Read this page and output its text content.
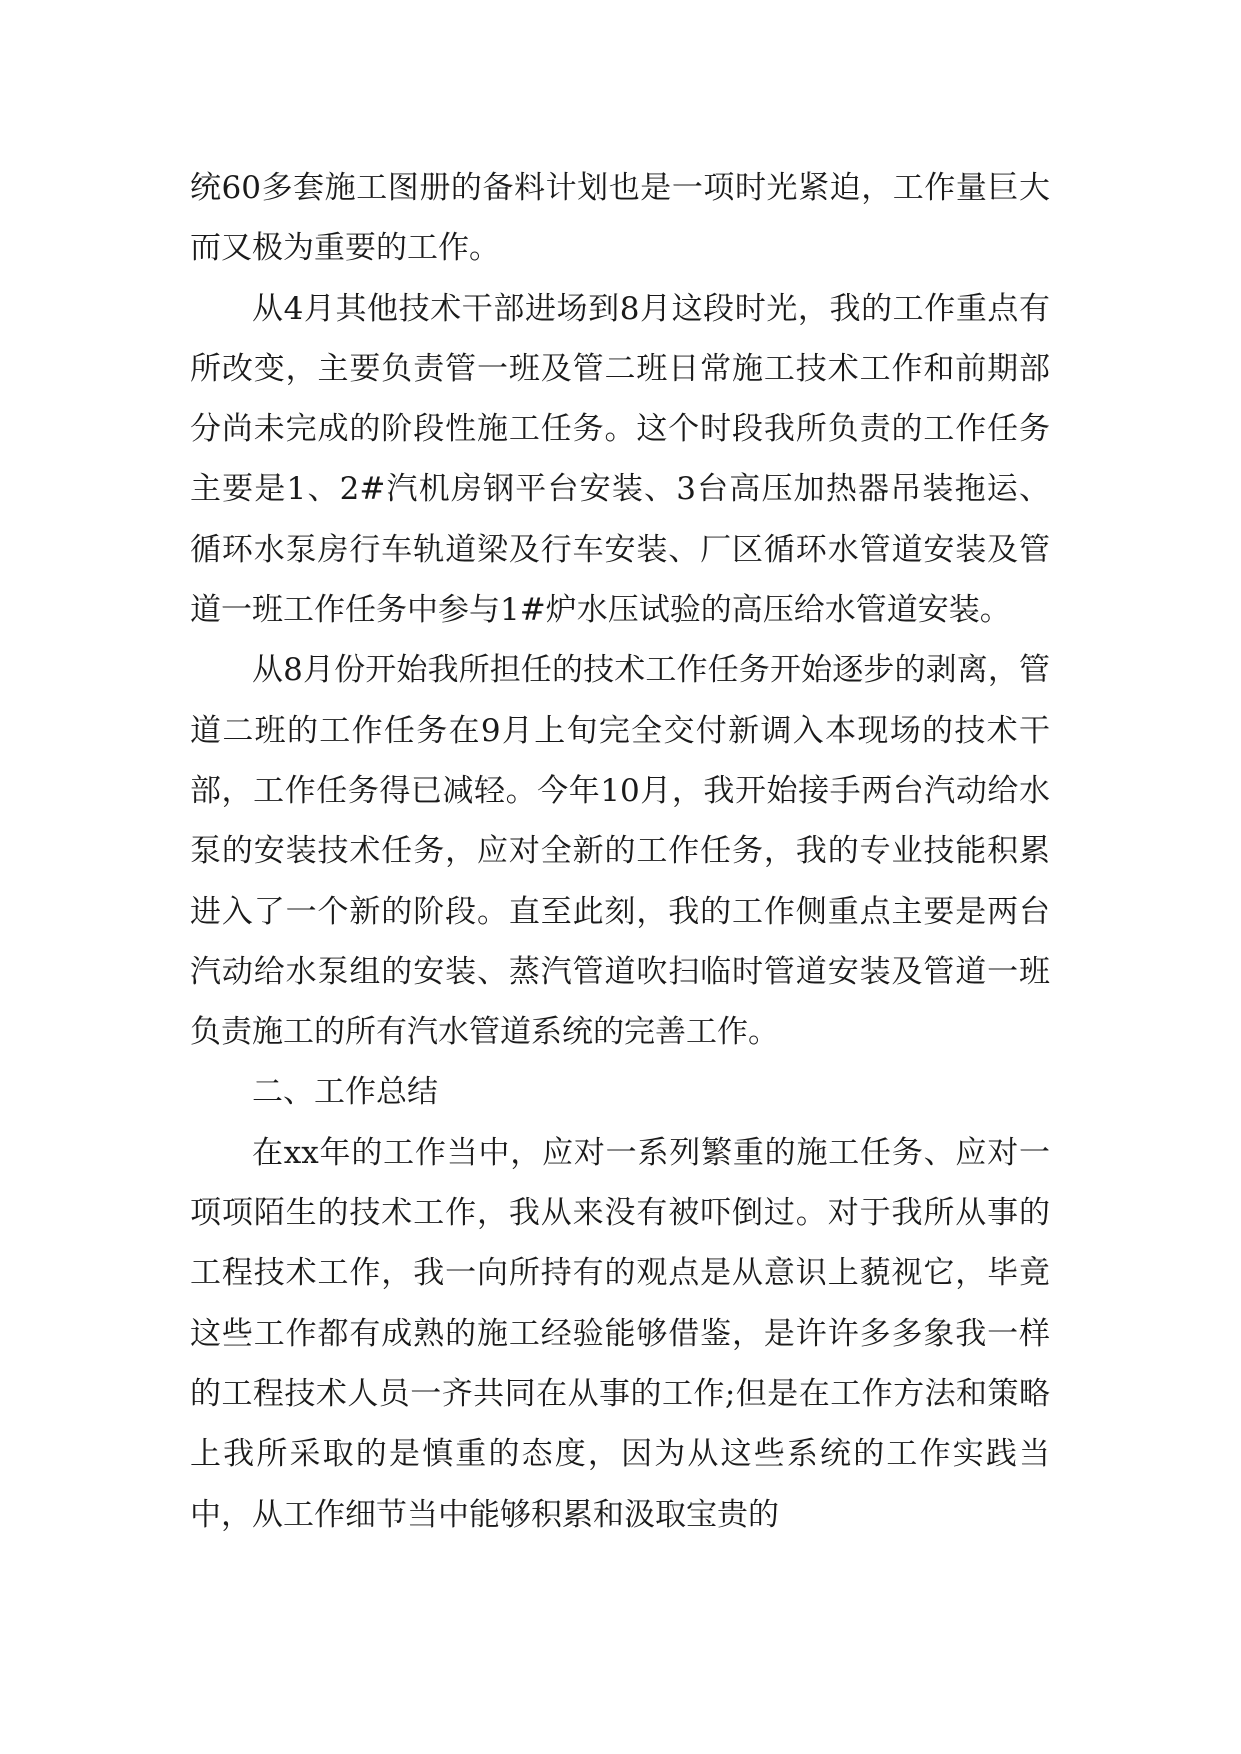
统60多套施工图册的备料计划也是一项时光紧迫，工作量巨大而又极为重要的工作。

从4月其他技术干部进场到8月这段时光，我的工作重点有所改变，主要负责管一班及管二班日常施工技术工作和前期部分尚未完成的阶段性施工任务。这个时段我所负责的工作任务主要是1、2#汽机房钢平台安装、3台高压加热器吊装拖运、循环水泵房行车轨道梁及行车安装、厂区循环水管道安装及管道一班工作任务中参与1#炉水压试验的高压给水管道安装。

从8月份开始我所担任的技术工作任务开始逐步的剥离，管道二班的工作任务在9月上旬完全交付新调入本现场的技术干部，工作任务得已减轻。今年10月，我开始接手两台汽动给水泵的安装技术任务，应对全新的工作任务，我的专业技能积累进入了一个新的阶段。直至此刻，我的工作侧重点主要是两台汽动给水泵组的安装、蒸汽管道吹扫临时管道安装及管道一班负责施工的所有汽水管道系统的完善工作。

二、工作总结

在xx年的工作当中，应对一系列繁重的施工任务、应对一项项陌生的技术工作，我从来没有被吓倒过。对于我所从事的工程技术工作，我一向所持有的观点是从意识上藐视它，毕竟这些工作都有成熟的施工经验能够借鉴，是许许多多象我一样的工程技术人员一齐共同在从事的工作;但是在工作方法和策略上我所采取的是慎重的态度，因为从这些系统的工作实践当中，从工作细节当中能够积累和汲取宝贵的
